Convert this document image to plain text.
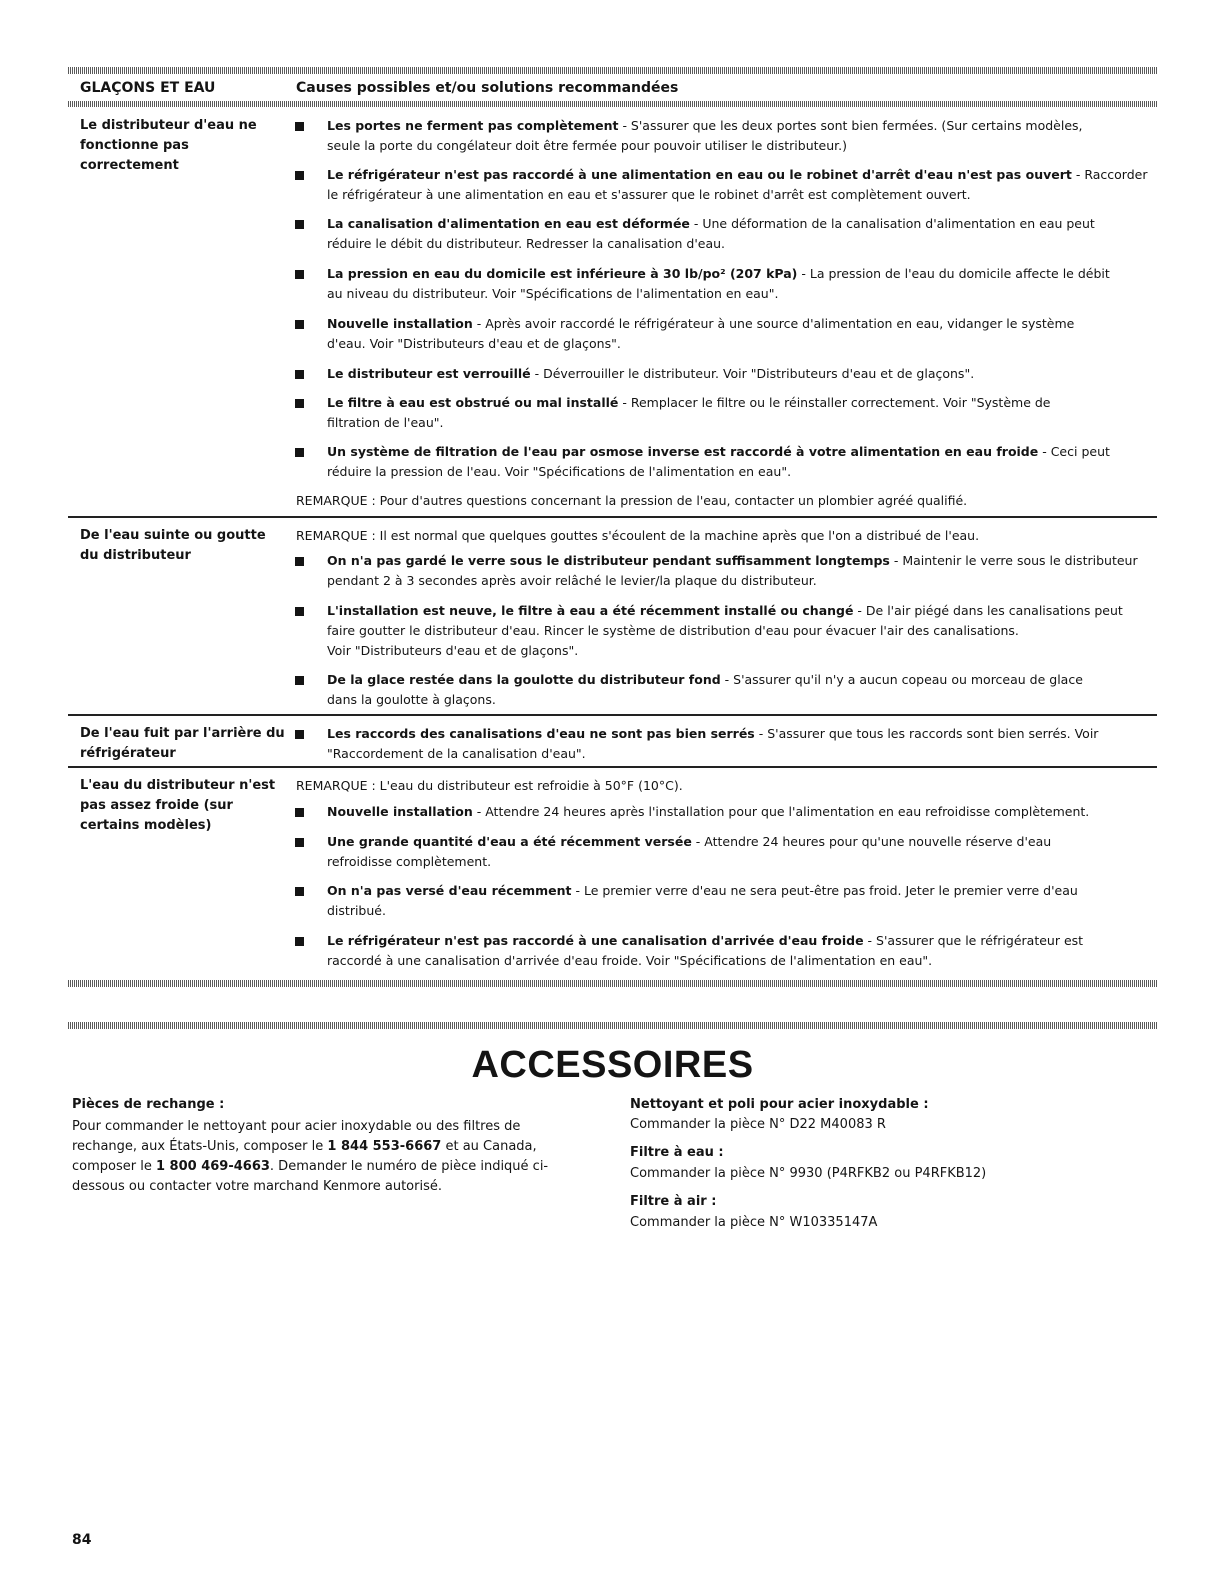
GLAÇONS ET EAU	Causes possibles et/ou solutions recommandées
Le distributeur d'eau ne fonctionne pas correctement
Les portes ne ferment pas complètement - S'assurer que les deux portes sont bien fermées. (Sur certains modèles,
seule la porte du congélateur doit être fermée pour pouvoir utiliser le distributeur.)
Le réfrigérateur n'est pas raccordé à une alimentation en eau ou le robinet d'arrêt d'eau n'est pas ouvert - Raccorder
le réfrigérateur à une alimentation en eau et s'assurer que le robinet d'arrêt est complètement ouvert.
La canalisation d'alimentation en eau est déformée - Une déformation de la canalisation d'alimentation en eau peut
réduire le débit du distributeur. Redresser la canalisation d'eau.
La pression en eau du domicile est inférieure à 30 lb/po² (207 kPa) - La pression de l'eau du domicile affecte le débit
au niveau du distributeur. Voir "Spécifications de l'alimentation en eau".
Nouvelle installation - Après avoir raccordé le réfrigérateur à une source d'alimentation en eau, vidanger le système
d'eau. Voir "Distributeurs d'eau et de glaçons".
Le distributeur est verrouillé - Déverrouiller le distributeur. Voir "Distributeurs d'eau et de glaçons".
Le filtre à eau est obstrué ou mal installé - Remplacer le filtre ou le réinstaller correctement. Voir "Système de
filtration de l'eau".
Un système de filtration de l'eau par osmose inverse est raccordé à votre alimentation en eau froide - Ceci peut
réduire la pression de l'eau. Voir "Spécifications de l'alimentation en eau".
REMARQUE : Pour d'autres questions concernant la pression de l'eau, contacter un plombier agréé qualifié.
De l'eau suinte ou goutte du distributeur
REMARQUE : Il est normal que quelques gouttes s'écoulent de la machine après que l'on a distribué de l'eau.
On n'a pas gardé le verre sous le distributeur pendant suffisamment longtemps - Maintenir le verre sous le distributeur
pendant 2 à 3 secondes après avoir relâché le levier/la plaque du distributeur.
L'installation est neuve, le filtre à eau a été récemment installé ou changé - De l'air piégé dans les canalisations peut
faire goutter le distributeur d'eau. Rincer le système de distribution d'eau pour évacuer l'air des canalisations.
Voir "Distributeurs d'eau et de glaçons".
De la glace restée dans la goulotte du distributeur fond - S'assurer qu'il n'y a aucun copeau ou morceau de glace
dans la goulotte à glaçons.
De l'eau fuit par l'arrière du réfrigérateur
Les raccords des canalisations d'eau ne sont pas bien serrés - S'assurer que tous les raccords sont bien serrés. Voir
"Raccordement de la canalisation d'eau".
L'eau du distributeur n'est pas assez froide (sur certains modèles)
REMARQUE : L'eau du distributeur est refroidie à 50°F (10°C).
Nouvelle installation - Attendre 24 heures après l'installation pour que l'alimentation en eau refroidisse complètement.
Une grande quantité d'eau a été récemment versée - Attendre 24 heures pour qu'une nouvelle réserve d'eau
refroidisse complètement.
On n'a pas versé d'eau récemment - Le premier verre d'eau ne sera peut-être pas froid. Jeter le premier verre d'eau
distribué.
Le réfrigérateur n'est pas raccordé à une canalisation d'arrivée d'eau froide - S'assurer que le réfrigérateur est
raccordé à une canalisation d'arrivée d'eau froide. Voir "Spécifications de l'alimentation en eau".
ACCESSOIRES
Pièces de rechange :
Pour commander le nettoyant pour acier inoxydable ou des filtres de
rechange, aux États-Unis, composer le 1 844 553-6667 et au Canada,
composer le 1 800 469-4663. Demander le numéro de pièce indiqué ci-
dessous ou contacter votre marchand Kenmore autorisé.
Nettoyant et poli pour acier inoxydable :
Commander la pièce N° D22 M40083 R
Filtre à eau :
Commander la pièce N° 9930 (P4RFKB2 ou P4RFKB12)
Filtre à air :
Commander la pièce N° W10335147A
84
